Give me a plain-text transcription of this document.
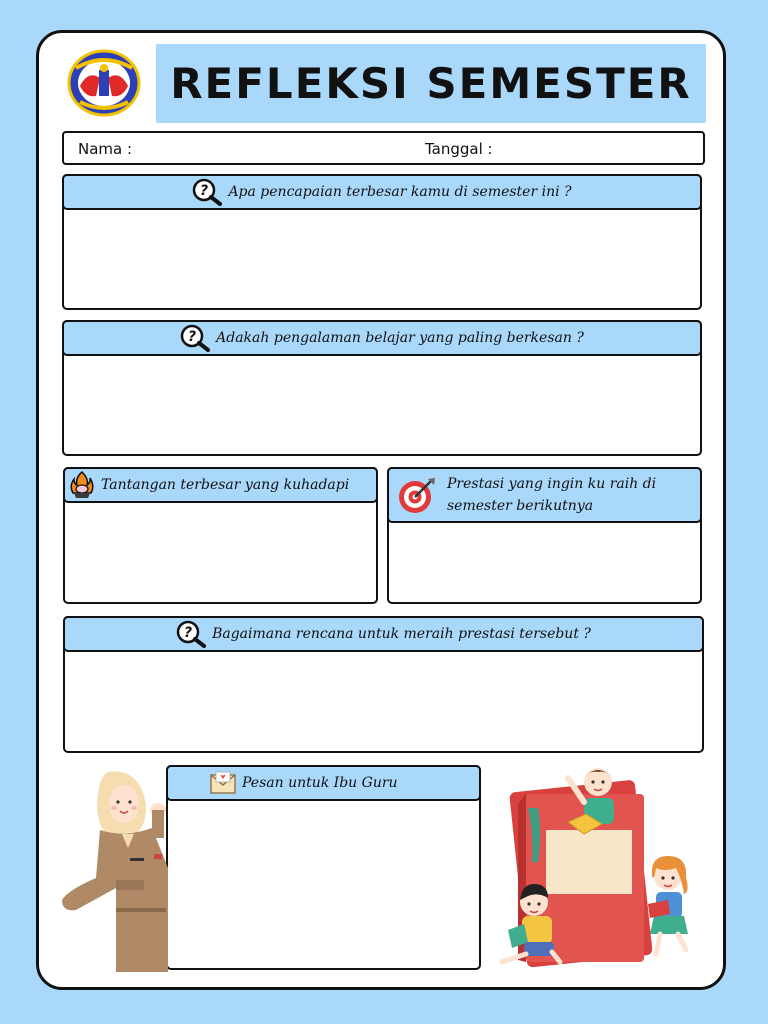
REFLEKSI SEMESTER
Nama :	Tanggal :
? Apa pencapaian terbesar kamu di semester ini ?
? Adakah pengalaman belajar yang paling berkesan ?
Tantangan terbesar yang kuhadapi	Prestasi yang ingin ku raih di semester berikutnya
? Bagaimana rencana untuk meraih prestasi tersebut ?
Pesan untuk Ibu Guru
